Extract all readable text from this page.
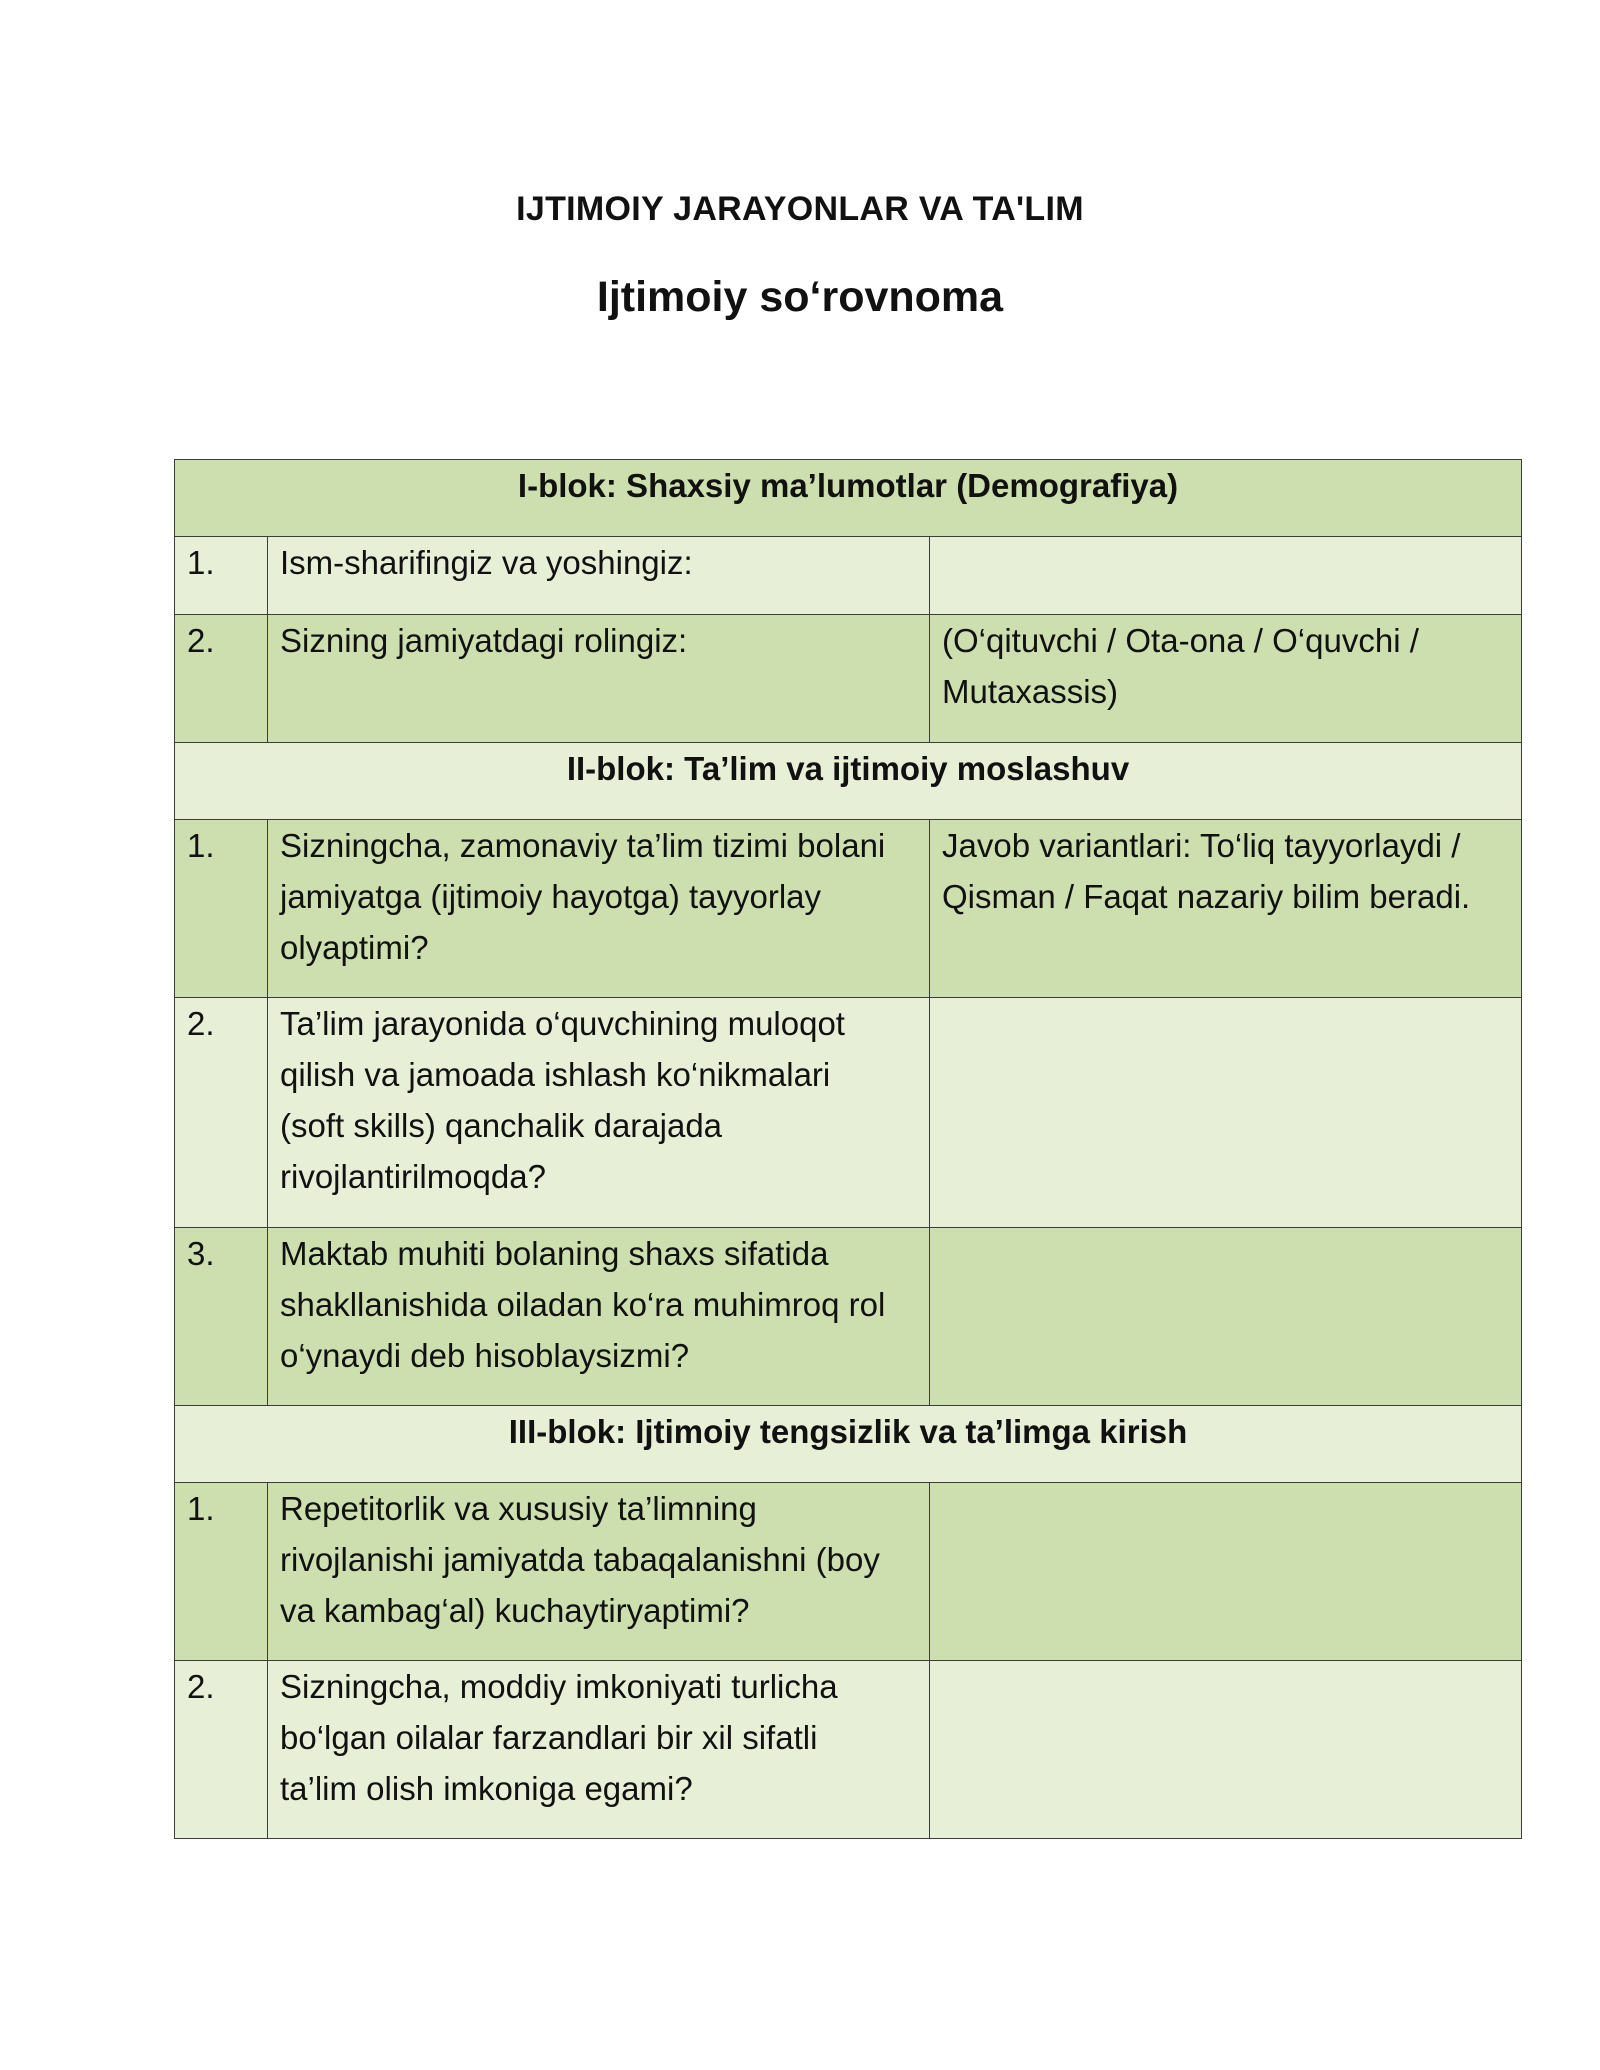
IJTIMOIY JARAYONLAR VA TA'LIM
Ijtimoiy so‘rovnoma
I-blok: Shaxsiy ma’lumotlar (Demografiya)		
1.	Ism-sharifingiz va yoshingiz:	

2.	Sizning jamiyatdagi rolingiz:	(O‘qituvchi / Ota-ona / O‘quvchi /
Mutaxassis)

II-blok: Ta’lim va ijtimoiy moslashuv		
1.	Sizningcha, zamonaviy ta’lim tizimi bolani
jamiyatga (ijtimoiy hayotga) tayyorlay
olyaptimi?	Javob variantlari: To‘liq tayyorlaydi /
Qisman / Faqat nazariy bilim beradi.

2.	Ta’lim jarayonida o‘quvchining muloqot
qilish va jamoada ishlash ko‘nikmalari
(soft skills) qanchalik darajada
rivojlantirilmoqda?	

3.	Maktab muhiti bolaning shaxs sifatida
shakllanishida oiladan ko‘ra muhimroq rol
o‘ynaydi deb hisoblaysizmi?	

III-blok: Ijtimoiy tengsizlik va ta’limga kirish		
1.	Repetitorlik va xususiy ta’limning
rivojlanishi jamiyatda tabaqalanishni (boy
va kambag‘al) kuchaytiryaptimi?	

2.	Sizningcha, moddiy imkoniyati turlicha
bo‘lgan oilalar farzandlari bir xil sifatli
ta’lim olish imkoniga egami?	
